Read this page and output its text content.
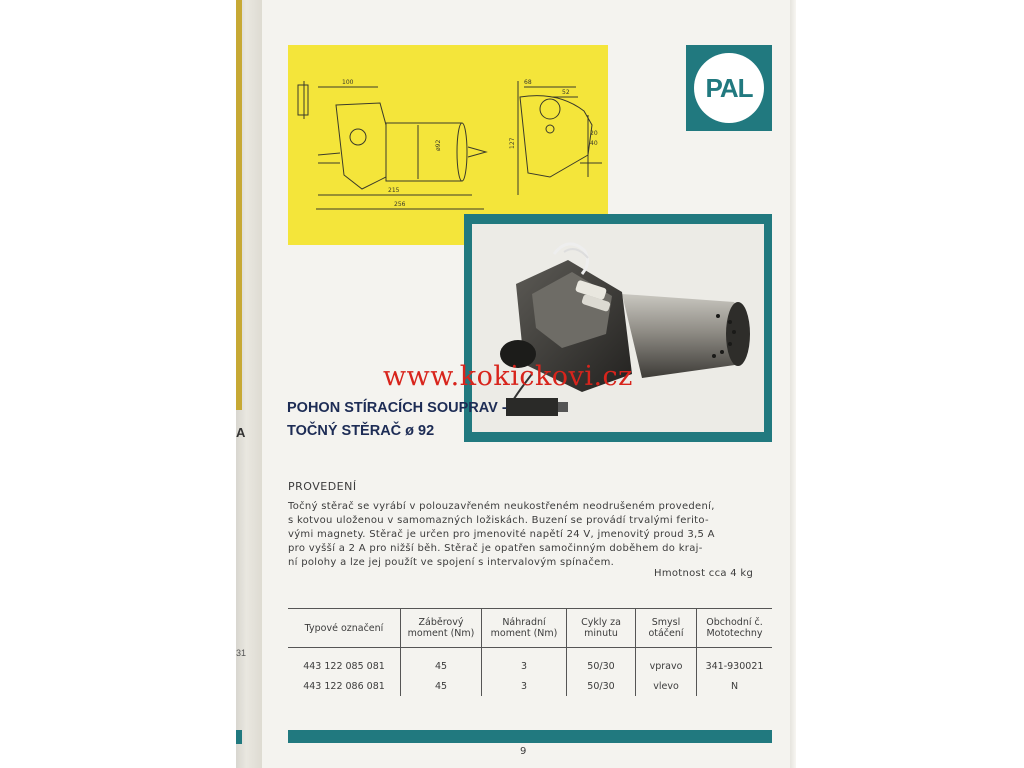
A
31
100
215
256
ø92
68
52
127
20
40
PAL
www.kokickovi.cz
POHON STÍRACÍCH SOUPRAV -
TOČNÝ STĚRAČ ø 92
PROVEDENÍ
Točný stěrač se vyrábí v polouzavřeném neukostřeném neodrušeném provedení,
s kotvou uloženou v samomazných ložiskách. Buzení se provádí trvalými ferito-
vými magnety. Stěrač je určen pro jmenovité napětí 24 V, jmenovitý proud 3,5 A
pro vyšší a 2 A pro nižší běh. Stěrač je opatřen samočinným doběhem do kraj-
ní polohy a lze jej použít ve spojení s intervalovým spínačem.
Hmotnost cca 4 kg
Typové označení	Záběrový moment (Nm)	Náhradní moment (Nm)	Cykly za minutu	Smysl otáčení	Obchodní č. Mototechny
443 122 085 081	45	3	50/30	vpravo	341-930021
443 122 086 081	45	3	50/30	vlevo	N
9
